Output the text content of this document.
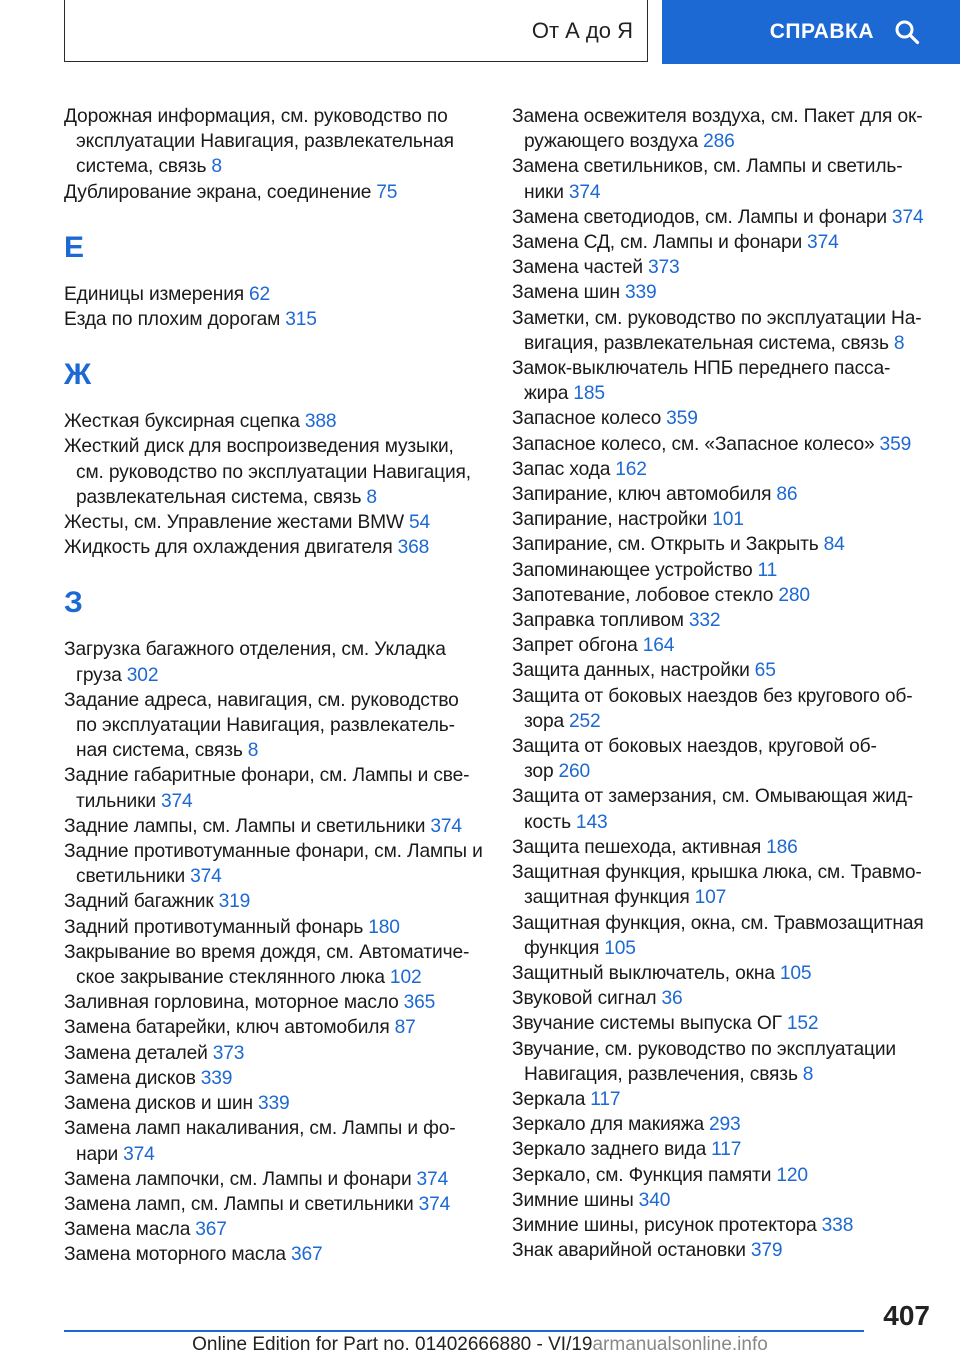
От А до Я	СПРАВКА
Дорожная информация, см. руководство по эксплуатации Навигация, развлекательная система, связь 8
Дублирование экрана, соединение 75
Е
Единицы измерения 62
Езда по плохим дорогам 315
Ж
Жесткая буксирная сцепка 388
Жесткий диск для воспроизведения музыки, см. руководство по эксплуатации Навигация, развлекательная система, связь 8
Жесты, см. Управление жестами BMW 54
Жидкость для охлаждения двигателя 368
З
Загрузка багажного отделения, см. Укладка груза 302
Задание адреса, навигация, см. руководство по эксплуатации Навигация, развлекатель‐ная система, связь 8
Задние габаритные фонари, см. Лампы и све‐тильники 374
Задние лампы, см. Лампы и светильники 374
Задние противотуманные фонари, см. Лампы и светильники 374
Задний багажник 319
Задний противотуманный фонарь 180
Закрывание во время дождя, см. Автоматиче‐ское закрывание стеклянного люка 102
Заливная горловина, моторное масло 365
Замена батарейки, ключ автомобиля 87
Замена деталей 373
Замена дисков 339
Замена дисков и шин 339
Замена ламп накаливания, см. Лампы и фо‐нари 374
Замена лампочки, см. Лампы и фонари 374
Замена ламп, см. Лампы и светильники 374
Замена масла 367
Замена моторного масла 367
Замена освежителя воздуха, см. Пакет для ок‐ружающего воздуха 286
Замена светильников, см. Лампы и светиль‐ники 374
Замена светодиодов, см. Лампы и фонари 374
Замена СД, см. Лампы и фонари 374
Замена частей 373
Замена шин 339
Заметки, см. руководство по эксплуатации На‐вигация, развлекательная система, связь 8
Замок-выключатель НПБ переднего пасса‐жира 185
Запасное колесо 359
Запасное колесо, см. «Запасное колесо» 359
Запас хода 162
Запирание, ключ автомобиля 86
Запирание, настройки 101
Запирание, см. Открыть и Закрыть 84
Запоминающее устройство 11
Запотевание, лобовое стекло 280
Заправка топливом 332
Запрет обгона 164
Защита данных, настройки 65
Защита от боковых наездов без кругового об‐зора 252
Защита от боковых наездов, круговой об‐зор 260
Защита от замерзания, см. Омывающая жид‐кость 143
Защита пешехода, активная 186
Защитная функция, крышка люка, см. Травмо‐защитная функция 107
Защитная функция, окна, см. Травмозащитная функция 105
Защитный выключатель, окна 105
Звуковой сигнал 36
Звучание системы выпуска ОГ 152
Звучание, см. руководство по эксплуатации Навигация, развлечения, связь 8
Зеркала 117
Зеркало для макияжа 293
Зеркало заднего вида 117
Зеркало, см. Функция памяти 120
Зимние шины 340
Зимние шины, рисунок протектора 338
Знак аварийной остановки 379
407
Online Edition for Part no. 01402666880 - VI/19armanualsonline.info
